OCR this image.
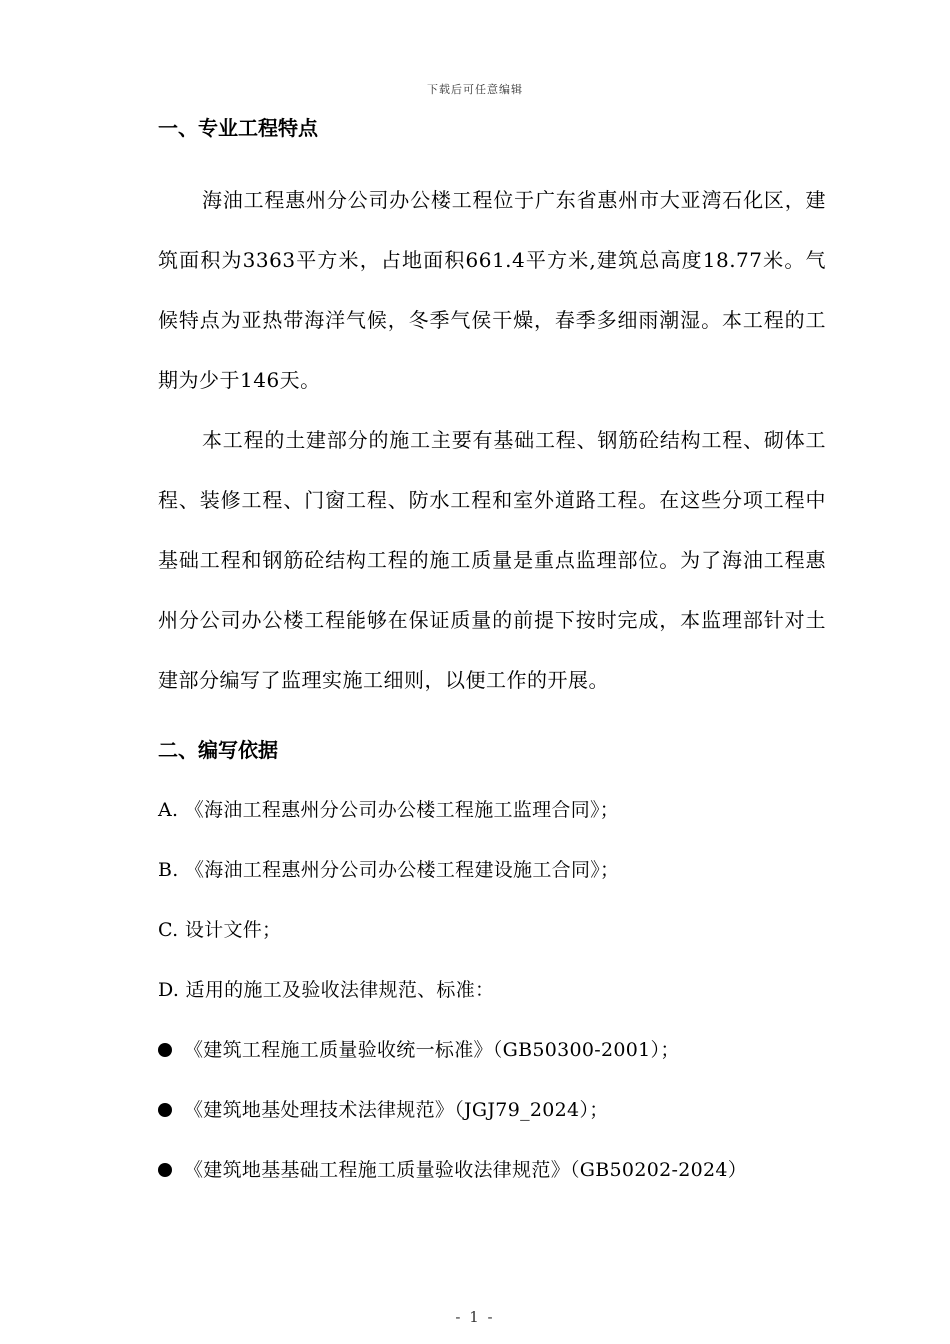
下载后可任意编辑
一、专业工程特点

海油工程惠州分公司办公楼工程位于广东省惠州市大亚湾石化区，建筑面积为3363平方米，占地面积661.4平方米,建筑总高度18.77米。气候特点为亚热带海洋气候，冬季气侯干燥，春季多细雨潮湿。本工程的工期为少于146天。

本工程的土建部分的施工主要有基础工程、钢筋砼结构工程、砌体工程、装修工程、门窗工程、防水工程和室外道路工程。在这些分项工程中基础工程和钢筋砼结构工程的施工质量是重点监理部位。为了海油工程惠州分公司办公楼工程能够在保证质量的前提下按时完成，本监理部针对土建部分编写了监理实施工细则，以便工作的开展。

二、编写依据
A. 《海油工程惠州分公司办公楼工程施工监理合同》；
B. 《海油工程惠州分公司办公楼工程建设施工合同》；
C. 设计文件；
D. 适用的施工及验收法律规范、标准：
《建筑工程施工质量验收统一标准》（GB50300-2001）；
《建筑地基处理技术法律规范》（JGJ79_2024）；
《建筑地基基础工程施工质量验收法律规范》（GB50202-2024）
- 1 -
